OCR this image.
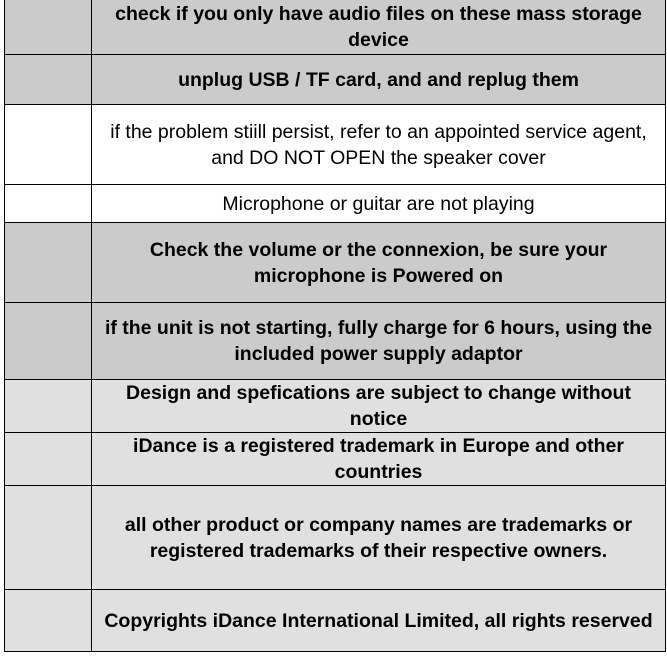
	check if you only have audio files on these mass storage device

	unplug USB / TF card, and and replug them

	if the problem stiill persist, refer to an appointed service agent, and DO NOT OPEN the speaker cover

	Microphone or guitar are not playing

	Check the volume or the connexion, be sure your microphone is Powered on

	if the unit is not starting, fully charge for 6 hours, using the included power supply adaptor

	Design and spefications are subject to change without notice

	iDance is a registered trademark in Europe and other countries

	all other product or company names are trademarks or registered trademarks of their respective owners.

	Copyrights iDance International Limited, all rights reserved
